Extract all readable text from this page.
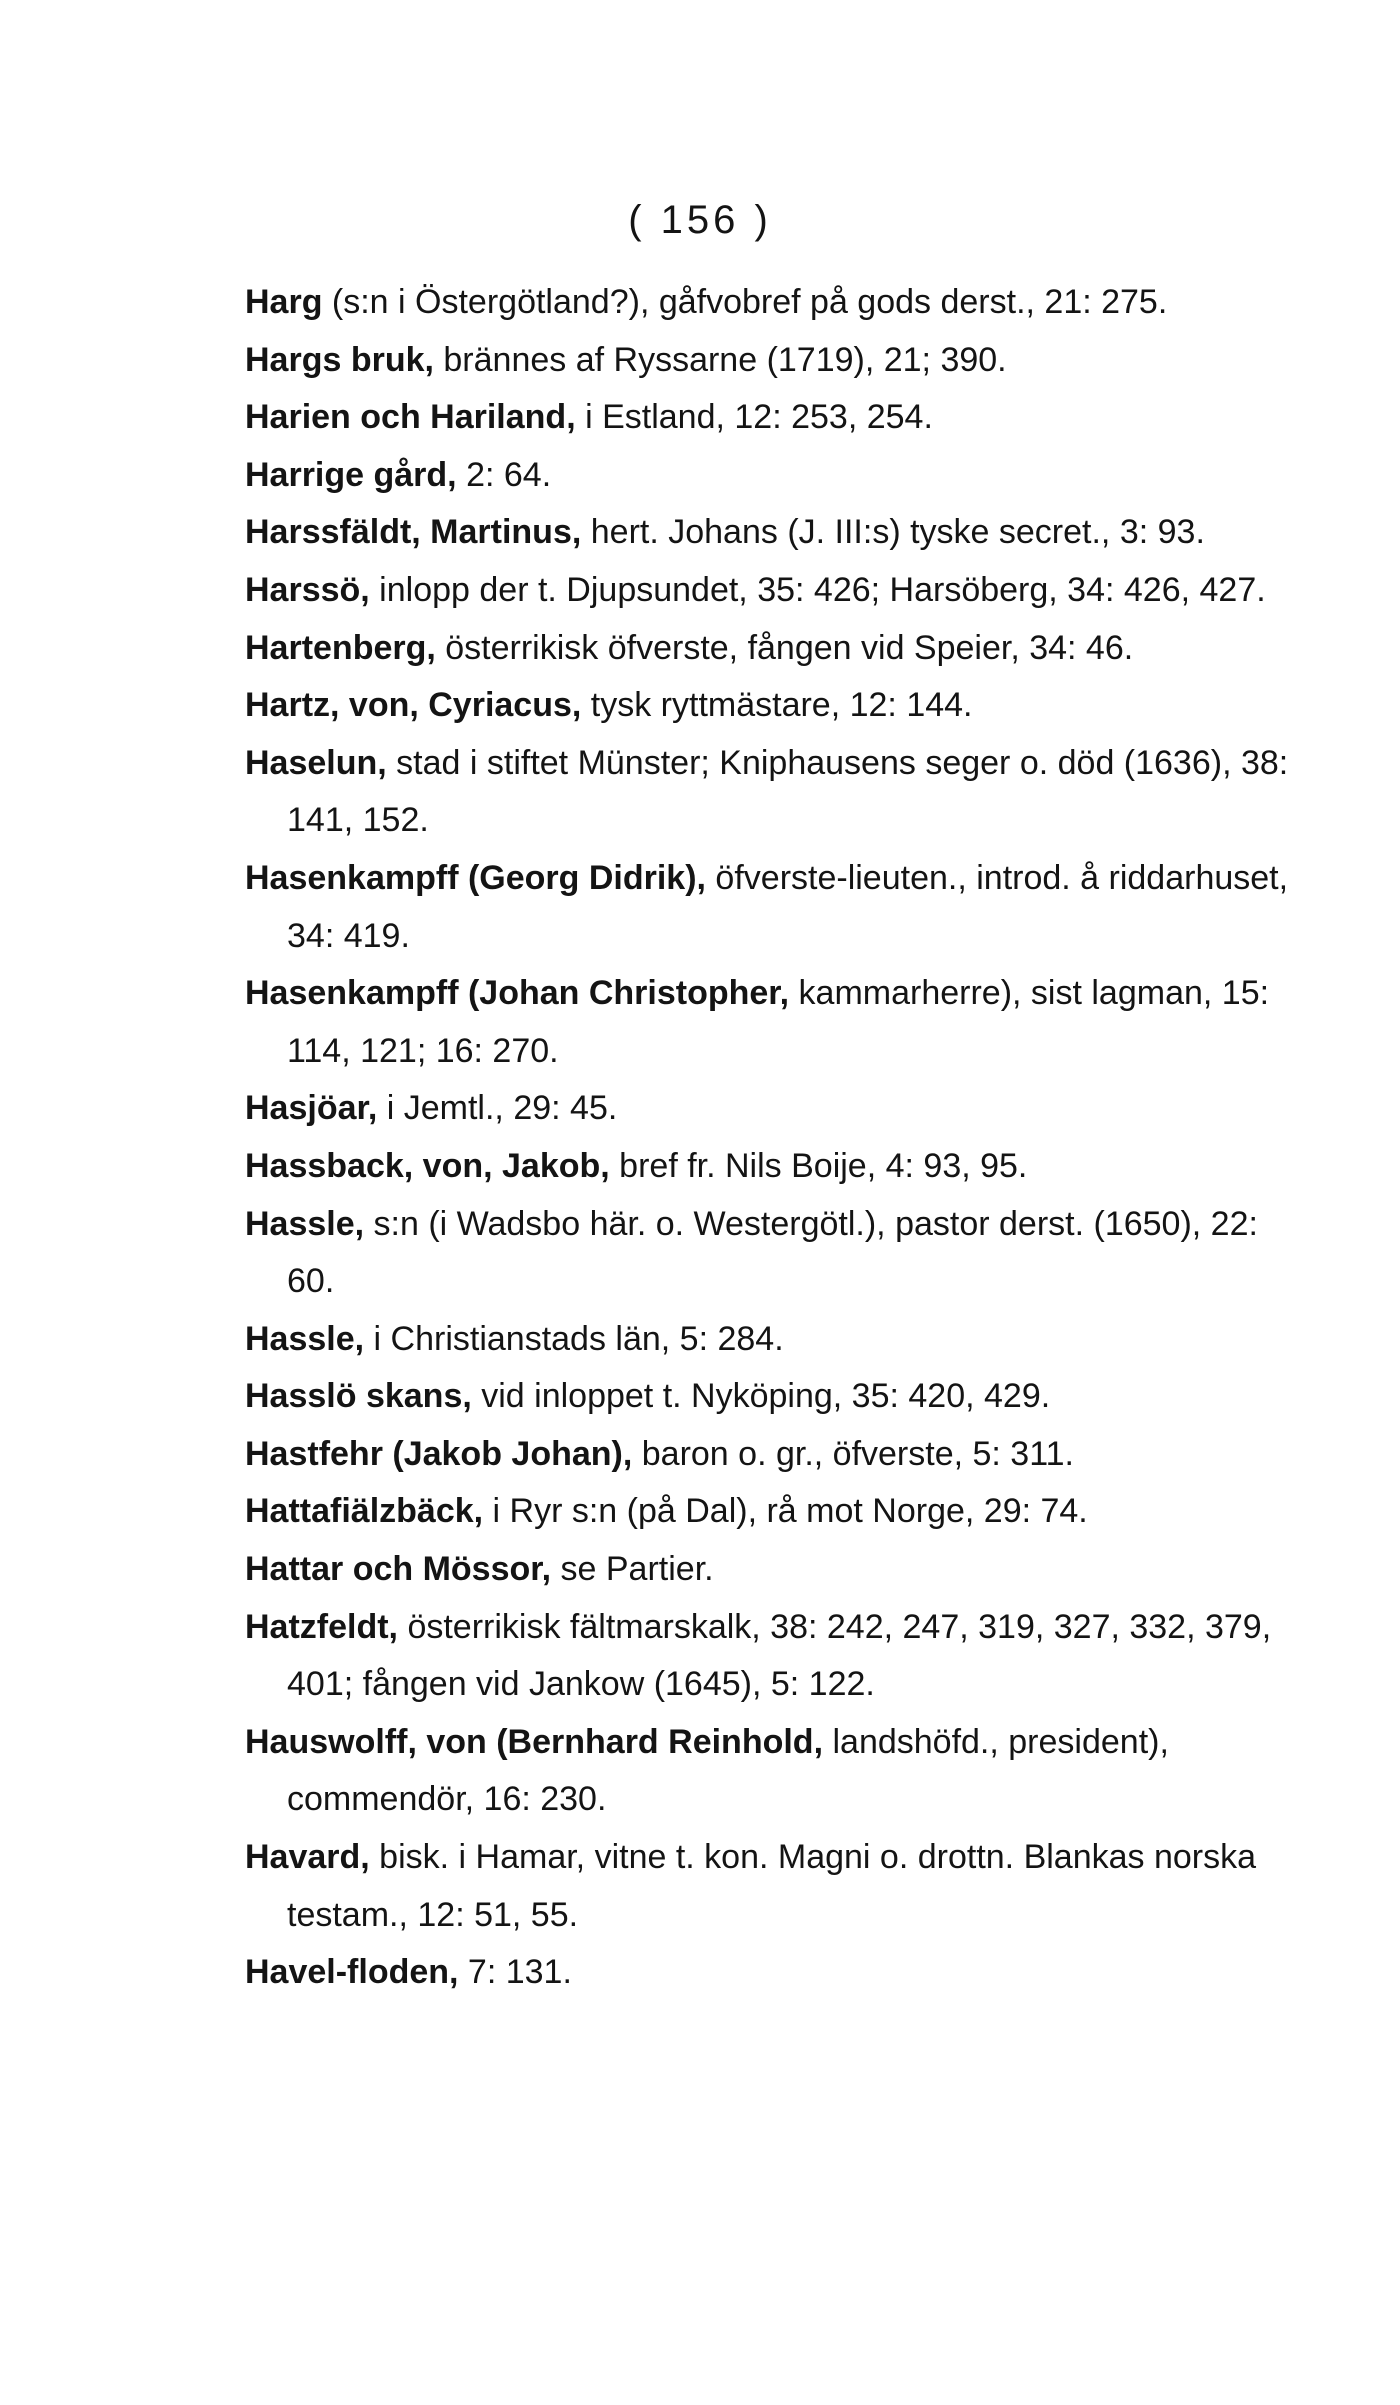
( 156 )

Harg (s:n i Östergötland?), gåfvobref på gods derst., 21: 275.

Hargs bruk, brännes af Ryssarne (1719), 21; 390.

Harien och Hariland, i Estland, 12: 253, 254.

Harrige gård, 2: 64.

Harssfäldt, Martinus, hert. Johans (J. III:s) tyske secret., 3: 93.

Harssö, inlopp der t. Djupsundet, 35: 426; Harsöberg, 34: 426, 427.

Hartenberg, österrikisk öfverste, fången vid Speier, 34: 46.

Hartz, von, Cyriacus, tysk ryttmästare, 12: 144.

Haselun, stad i stiftet Münster; Kniphausens seger o. död (1636), 38: 141, 152.

Hasenkampff (Georg Didrik), öfverste-lieuten., introd. å riddarhuset, 34: 419.

Hasenkampff (Johan Christopher, kammarherre), sist lagman, 15: 114, 121; 16: 270.

Hasjöar, i Jemtl., 29: 45.

Hassback, von, Jakob, bref fr. Nils Boije, 4: 93, 95.

Hassle, s:n (i Wadsbo här. o. Westergötl.), pastor derst. (1650), 22: 60.

Hassle, i Christianstads län, 5: 284.

Hasslö skans, vid inloppet t. Nyköping, 35: 420, 429.

Hastfehr (Jakob Johan), baron o. gr., öfverste, 5: 311.

Hattafiälzbäck, i Ryr s:n (på Dal), rå mot Norge, 29: 74.

Hattar och Mössor, se Partier.

Hatzfeldt, österrikisk fältmarskalk, 38: 242, 247, 319, 327, 332, 379, 401; fången vid Jankow (1645), 5: 122.

Hauswolff, von (Bernhard Reinhold, landshöfd., president), commendör, 16: 230.

Havard, bisk. i Hamar, vitne t. kon. Magni o. drottn. Blankas norska testam., 12: 51, 55.

Havel-floden, 7: 131.
